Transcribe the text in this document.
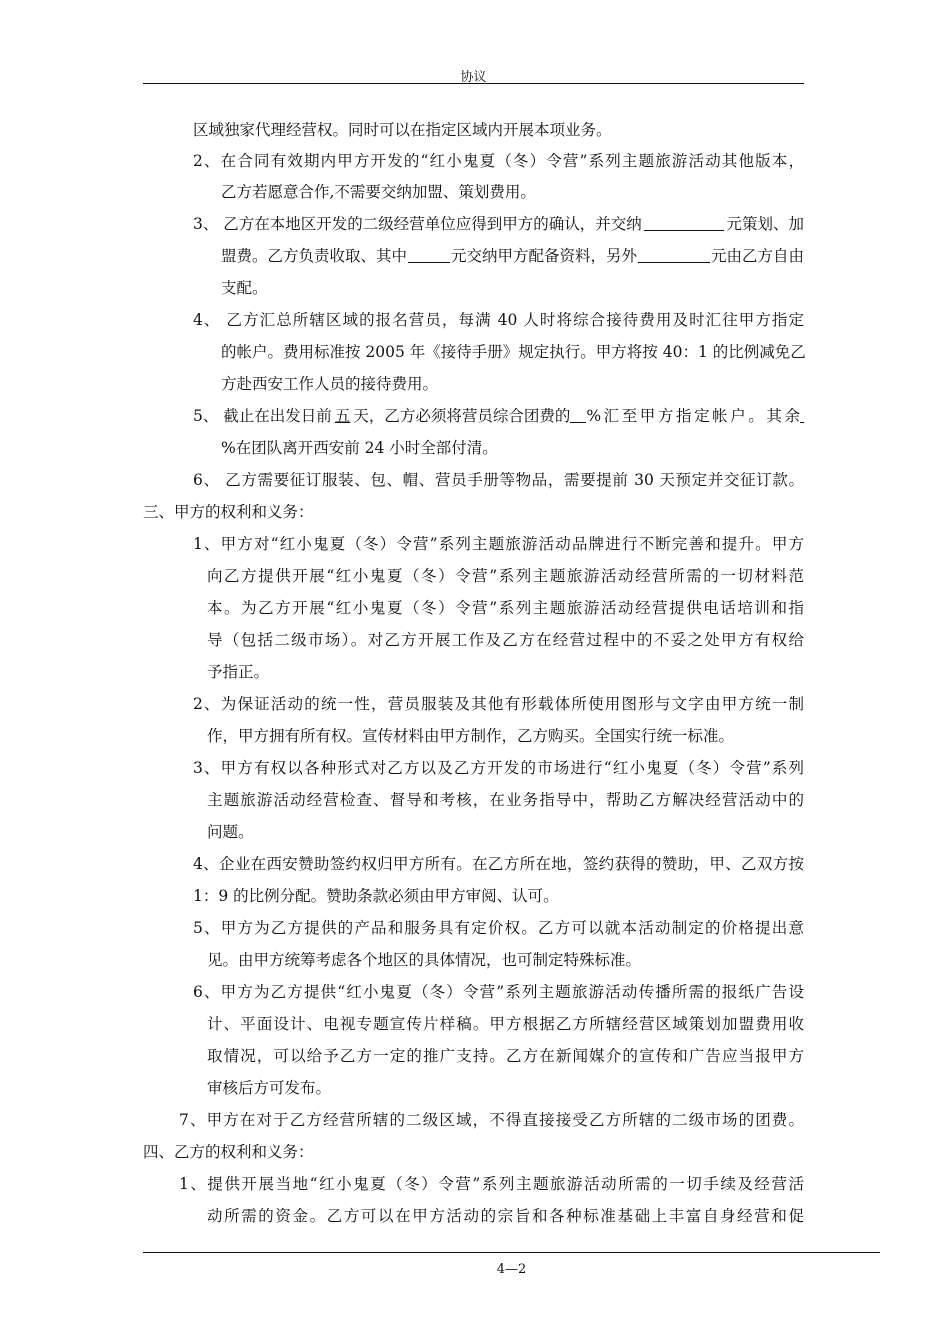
协议
区域独家代理经营权。同时可以在指定区域内开展本项业务。
2、在合同有效期内甲方开发的“红小鬼夏（冬）令营”系列主题旅游活动其他版本，
乙方若愿意合作,不需要交纳加盟、策划费用。
3、 乙方在本地区开发的二级经营单位应得到甲方的确认，并交纳	元策划、加
盟费。乙方负责收取、其中	元交纳甲方配备资料，另外	元由乙方自由
支配。
4、 乙方汇总所辖区域的报名营员，每满 40 人时将综合接待费用及时汇往甲方指定
的帐户。费用标准按 2005 年《接待手册》规定执行。甲方将按 40：1 的比例减免乙
方赴西安工作人员的接待费用。
5、 截止在出发日前 五 天，乙方必须将营员综合团费的 %汇至甲方指定帐户。其余
%在团队离开西安前 24 小时全部付清。
6、 乙方需要征订服装、包、帽、营员手册等物品，需要提前 30 天预定并交征订款。
三、甲方的权利和义务：
1、甲方对“红小鬼夏（冬）令营”系列主题旅游活动品牌进行不断完善和提升。甲方
向乙方提供开展“红小鬼夏（冬）令营”系列主题旅游活动经营所需的一切材料范
本。为乙方开展“红小鬼夏（冬）令营”系列主题旅游活动经营提供电话培训和指
导（包括二级市场）。对乙方开展工作及乙方在经营过程中的不妥之处甲方有权给
予指正。
2、为保证活动的统一性，营员服装及其他有形载体所使用图形与文字由甲方统一制
作，甲方拥有所有权。宣传材料由甲方制作，乙方购买。全国实行统一标准。
3、甲方有权以各种形式对乙方以及乙方开发的市场进行“红小鬼夏（冬）令营”系列
主题旅游活动经营检查、督导和考核，在业务指导中，帮助乙方解决经营活动中的
问题。
4、企业在西安赞助签约权归甲方所有。在乙方所在地，签约获得的赞助，甲、乙双方按
1：9 的比例分配。赞助条款必须由甲方审阅、认可。
5、甲方为乙方提供的产品和服务具有定价权。乙方可以就本活动制定的价格提出意
见。由甲方统筹考虑各个地区的具体情况，也可制定特殊标准。
6、甲方为乙方提供“红小鬼夏（冬）令营”系列主题旅游活动传播所需的报纸广告设
计、平面设计、电视专题宣传片样稿。甲方根据乙方所辖经营区域策划加盟费用收
取情况，可以给予乙方一定的推广支持。乙方在新闻媒介的宣传和广告应当报甲方
审核后方可发布。
7、甲方在对于乙方经营所辖的二级区域，不得直接接受乙方所辖的二级市场的团费。
四、乙方的权利和义务：
1、提供开展当地“红小鬼夏（冬）令营”系列主题旅游活动所需的一切手续及经营活
动所需的资金。乙方可以在甲方活动的宗旨和各种标准基础上丰富自身经营和促
4—2
